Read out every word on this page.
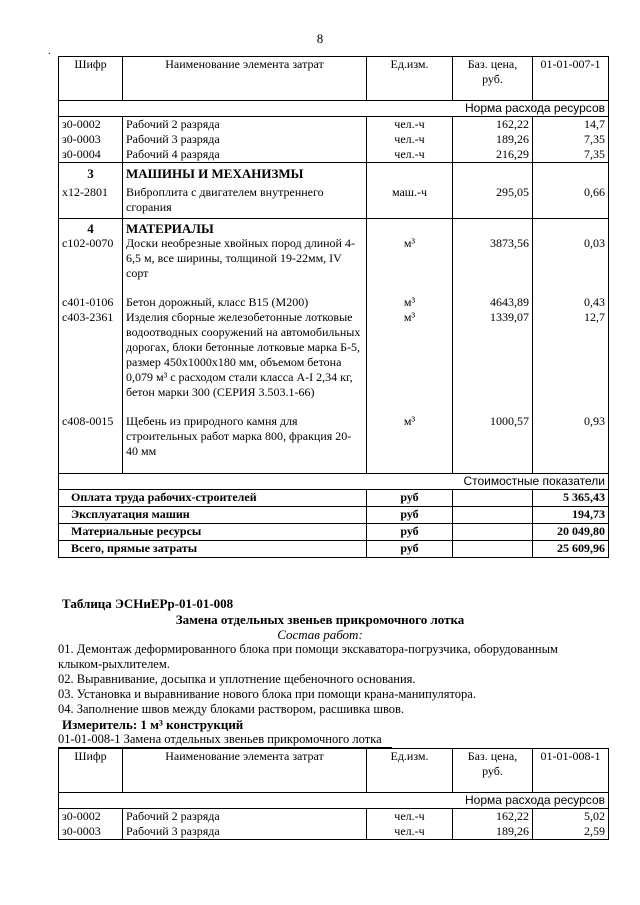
8
.
Шифр	Наименование элемента затрат	Ед.изм.	Баз. цена, руб.	01-01-007-1
Норма расхода ресурсов				
з0-0002	Рабочий 2 разряда	чел.-ч	162,22	14,7
з0-0003	Рабочий 3 разряда	чел.-ч	189,26	7,35
з0-0004	Рабочий 4 разряда	чел.-ч	216,29	7,35
3	МАШИНЫ И МЕХАНИЗМЫ			
х12-2801	Виброплита с двигателем внутреннего сгорания	маш.-ч	295,05	0,66
4	МАТЕРИАЛЫ			
с102-0070	Доски необрезные хвойных пород длиной 4-6,5 м, все ширины, толщиной 19-22мм, IV сорт	м³	3873,56	0,03
с401-0106	Бетон дорожный, класс В15 (М200)	м³	4643,89	0,43
с403-2361	Изделия сборные железобетонные лотковые водоотводных сооружений на автомобильных дорогах, блоки бетонные лотковые марка Б-5, размер 450х1000х180 мм, объемом бетона 0,079 м³ с расходом стали класса А-I 2,34 кг, бетон марки 300 (СЕРИЯ 3.503.1-66)	м³	1339,07	12,7
с408-0015	Щебень из природного камня для строительных работ марка 800, фракция 20-40 мм	м³	1000,57	0,93
Стоимостные показатели				
Оплата труда рабочих-строителей		руб		5 365,43
Эксплуатация машин		руб		194,73
Материальные ресурсы		руб		20 049,80
Всего, прямые затраты		руб		25 609,96
Таблица ЭСНиЕРр-01-01-008
Замена отдельных звеньев прикромочного лотка
Состав работ:
01. Демонтаж деформированного блока при помощи экскаватора-погрузчика, оборудованным клыком-рыхлителем.
02. Выравнивание, досыпка и уплотнение щебеночного основания.
03. Установка и выравнивание нового блока при помощи крана-манипулятора.
04. Заполнение швов между блоками раствором, расшивка швов.
Измеритель: 1 м³ конструкций
01-01-008-1 Замена отдельных звеньев прикромочного лотка
Шифр	Наименование элемента затрат	Ед.изм.	Баз. цена, руб.	01-01-008-1
Норма расхода ресурсов				
з0-0002	Рабочий 2 разряда	чел.-ч	162,22	5,02
з0-0003	Рабочий 3 разряда	чел.-ч	189,26	2,59
